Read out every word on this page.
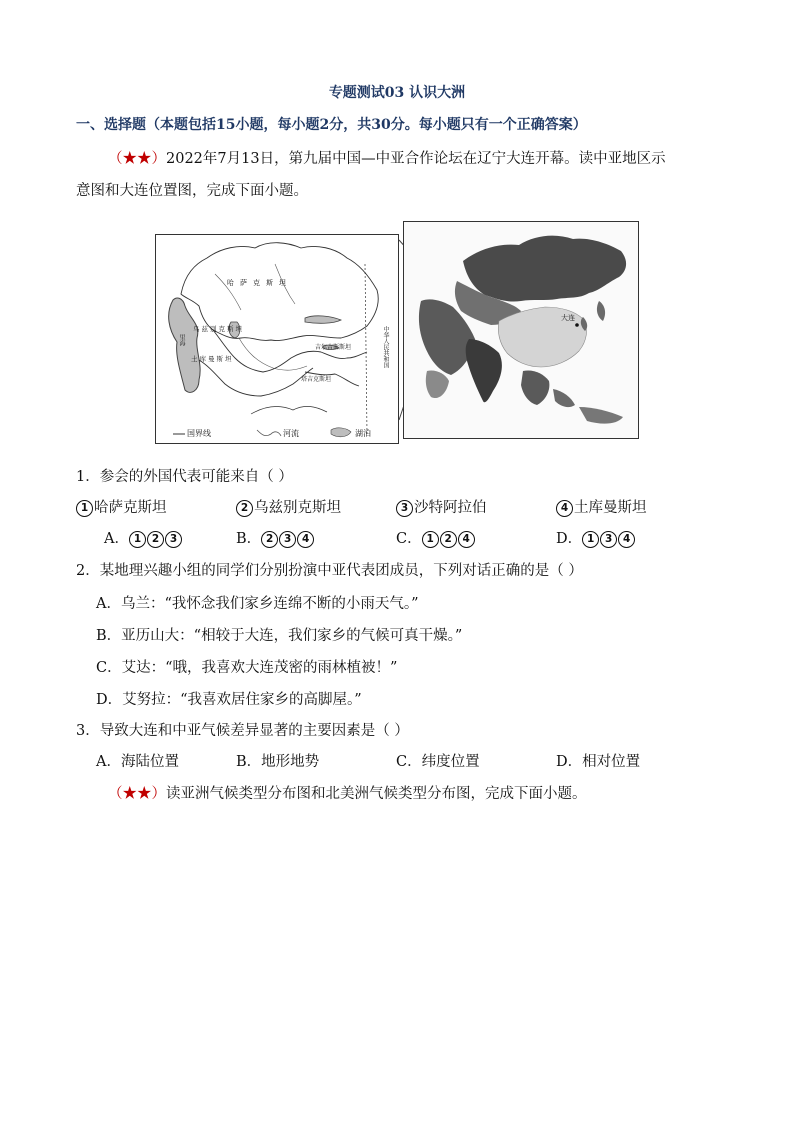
专题测试03 认识大洲
一、选择题（本题包括15小题，每小题2分，共30分。每小题只有一个正确答案）
（★★）2022年7月13日，第九届中国—中亚合作论坛在辽宁大连开幕。读中亚地区示
意图和大连位置图，完成下面小题。
哈萨克斯坦
乌兹别克斯坦
土库曼斯坦
吉尔吉斯斯坦
塔吉克斯坦
中华人民共和国
里海
国界线	河流	湖泊
大连
1．参会的外国代表可能来自（ ）
1 哈萨克斯坦	2 乌兹别克斯坦	3 沙特阿拉伯	4 土库曼斯坦
A． 1 2 3	B． 2 3 4	C． 1 2 4	D． 1 3 4
2．某地理兴趣小组的同学们分别扮演中亚代表团成员，下列对话正确的是（ ）
A．乌兰：“我怀念我们家乡连绵不断的小雨天气。”
B．亚历山大：“相较于大连，我们家乡的气候可真干燥。”
C．艾达：“哦，我喜欢大连茂密的雨林植被！”
D．艾努拉：“我喜欢居住家乡的高脚屋。”
3．导致大连和中亚气候差异显著的主要因素是（ ）
A．海陆位置	B．地形地势	C．纬度位置	D．相对位置
（★★）读亚洲气候类型分布图和北美洲气候类型分布图，完成下面小题。
